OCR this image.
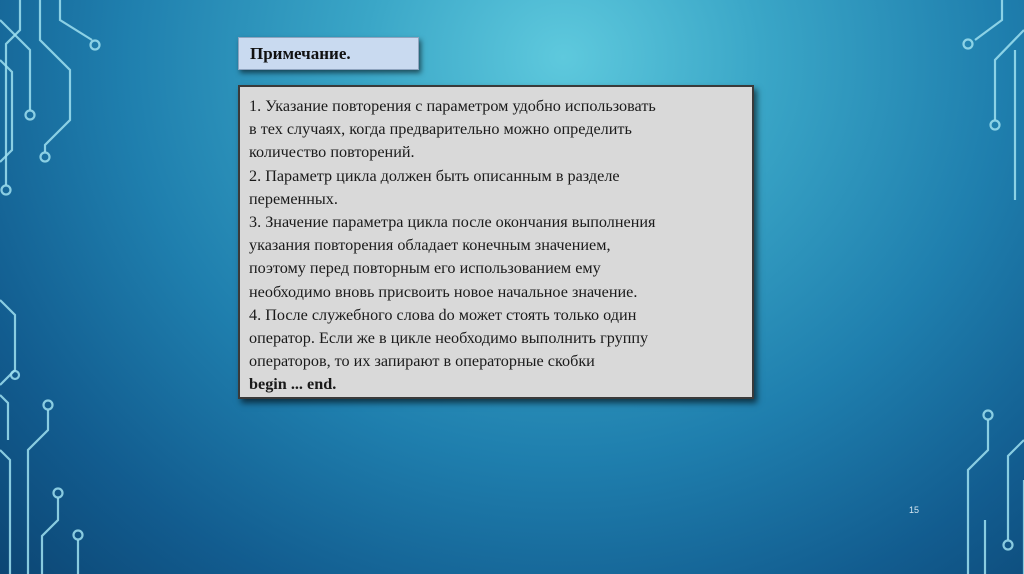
Примечание.
1. Указание повторения с параметром удобно использовать
в тех случаях, когда предварительно можно определить
количество повторений.
2. Параметр цикла должен быть описанным в разделе
переменных.
3. Значение параметра цикла после окончания выполнения
указания повторения обладает конечным значением,
поэтому перед повторным его использованием ему
необходимо вновь присвоить новое начальное значение.
4. После служебного слова do может стоять только один
оператор. Если же в цикле необходимо выполнить группу
операторов, то их запирают в операторные скобки
begin ... end.
15
